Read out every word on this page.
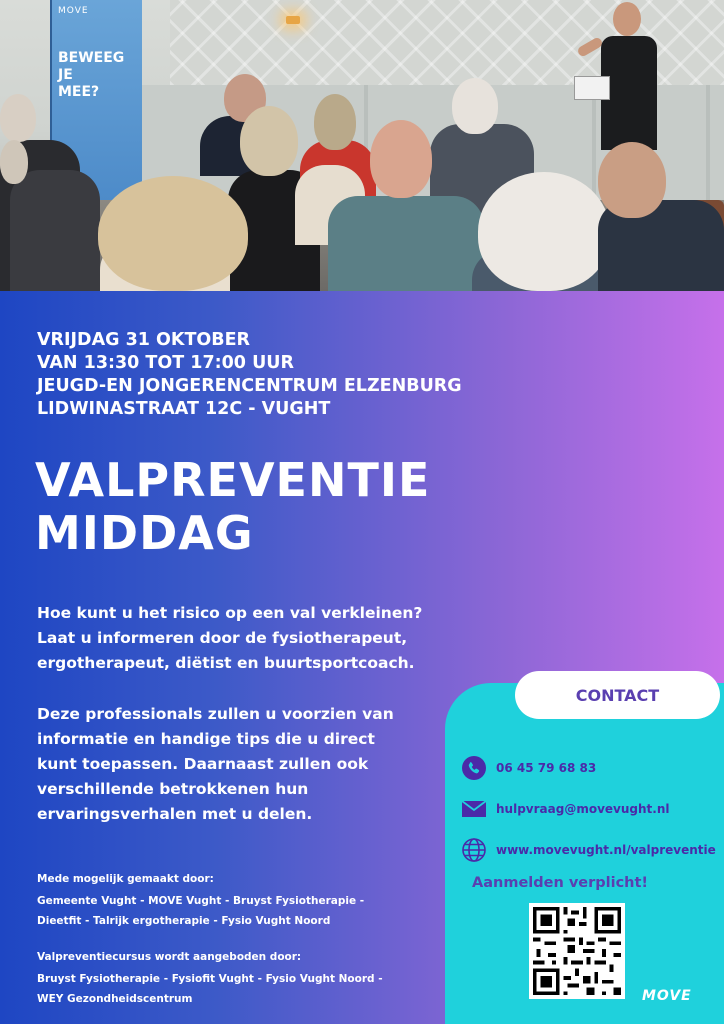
MOVE
BEWEEG
JE
MEE?
VRIJDAG 31 OKTOBER
VAN 13:30 TOT 17:00 UUR
JEUGD-EN JONGERENCENTRUM ELZENBURG
LIDWINASTRAAT 12C - VUGHT
VALPREVENTIE
MIDDAG
Hoe kunt u het risico op een val verkleinen?
Laat u informeren door de fysiotherapeut,
ergotherapeut, diëtist en buurtsportcoach.
Deze professionals zullen u voorzien van
informatie en handige tips die u direct
kunt toepassen. Daarnaast zullen ook
verschillende betrokkenen hun
ervaringsverhalen met u delen.
Mede mogelijk gemaakt door:
Gemeente Vught - MOVE Vught - Bruyst Fysiotherapie -
Dieetfit - Talrijk ergotherapie - Fysio Vught Noord
Valpreventiecursus wordt aangeboden door:
Bruyst Fysiotherapie - Fysiofit Vught - Fysio Vught Noord -
WEY Gezondheidscentrum
CONTACT
06 45 79 68 83
hulpvraag@movevught.nl
www.movevught.nl/valpreventie

Aanmelden verplicht!

MOVE
